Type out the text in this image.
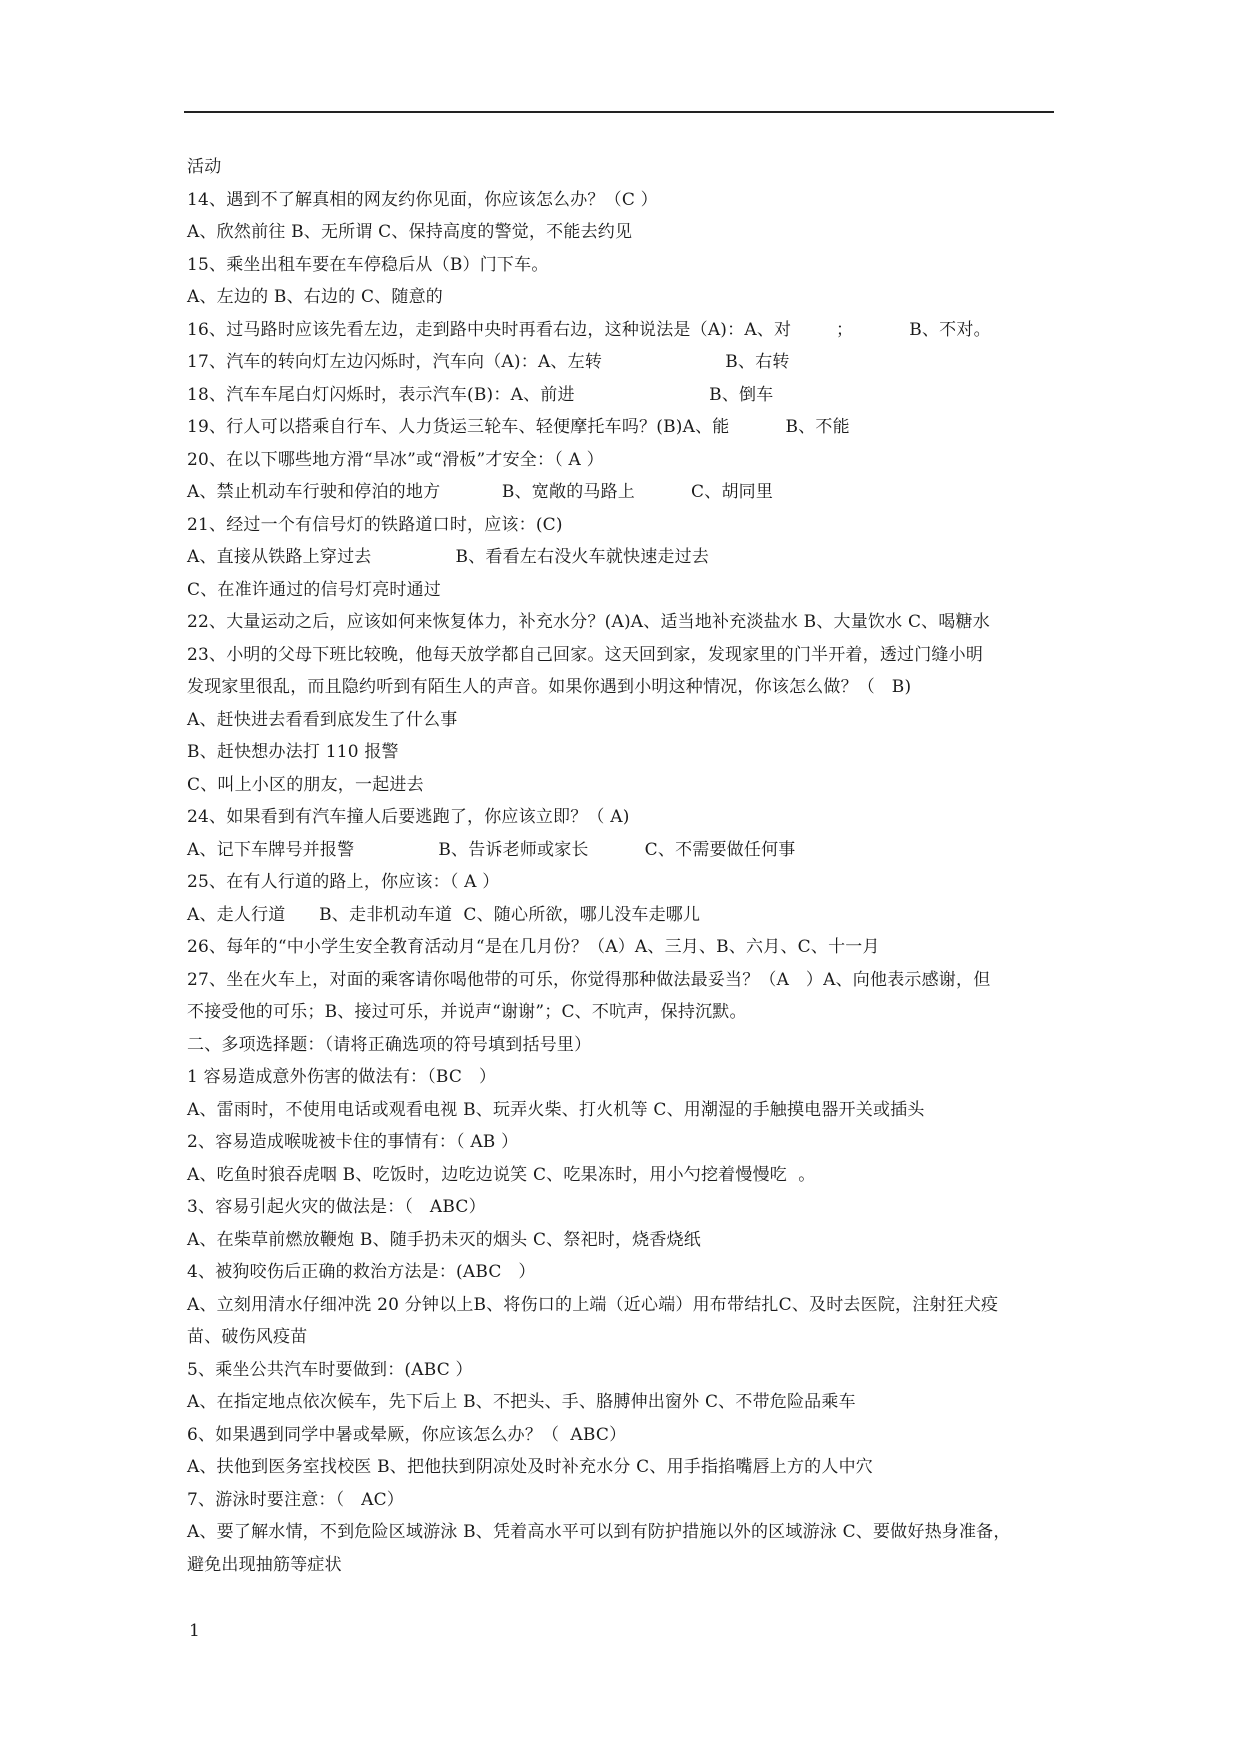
活动
14、遇到不了解真相的网友约你见面，你应该怎么办？（C ）
A、欣然前往 B、无所谓 C、保持高度的警觉，不能去约见
15、乘坐出租车要在车停稳后从（B）门下车。
A、左边的 B、右边的 C、随意的
16、过马路时应该先看左边，走到路中央时再看右边，这种说法是（A)：A、对        ；          B、不对。
17、汽车的转向灯左边闪烁时，汽车向（A)：A、左转                      B、右转
18、汽车车尾白灯闪烁时，表示汽车(B)：A、前进                        B、倒车
19、行人可以搭乘自行车、人力货运三轮车、轻便摩托车吗？(B)A、能          B、不能
20、在以下哪些地方滑“旱冰”或“滑板”才安全：（ A ）
A、禁止机动车行驶和停泊的地方           B、宽敞的马路上          C、胡同里
21、经过一个有信号灯的铁路道口时，应该：(C)
A、直接从铁路上穿过去               B、看看左右没火车就快速走过去
C、在准许通过的信号灯亮时通过
22、大量运动之后，应该如何来恢复体力，补充水分？(A)A、适当地补充淡盐水 B、大量饮水 C、喝糖水
23、小明的父母下班比较晚，他每天放学都自己回家。这天回到家，发现家里的门半开着，透过门缝小明
发现家里很乱，而且隐约听到有陌生人的声音。如果你遇到小明这种情况，你该怎么做？（   B)
A、赶快进去看看到底发生了什么事
B、赶快想办法打 110 报警
C、叫上小区的朋友，一起进去
24、如果看到有汽车撞人后要逃跑了，你应该立即？（ A)
A、记下车牌号并报警               B、告诉老师或家长          C、不需要做任何事
25、在有人行道的路上，你应该：（ A ）
A、走人行道      B、走非机动车道  C、随心所欲，哪儿没车走哪儿
26、每年的“中小学生安全教育活动月“是在几月份？（A）A、三月、B、六月、C、十一月
27、坐在火车上，对面的乘客请你喝他带的可乐，你觉得那种做法最妥当？（A   ）A、向他表示感谢，但
不接受他的可乐；B、接过可乐，并说声“谢谢”；C、不吭声，保持沉默。
二、多项选择题：（请将正确选项的符号填到括号里）
1 容易造成意外伤害的做法有：（BC   ）
A、雷雨时，不使用电话或观看电视 B、玩弄火柴、打火机等 C、用潮湿的手触摸电器开关或插头
2、容易造成喉咙被卡住的事情有：（ AB ）
A、吃鱼时狼吞虎咽 B、吃饭时，边吃边说笑 C、吃果冻时，用小勺挖着慢慢吃  。
3、容易引起火灾的做法是：（   ABC）
A、在柴草前燃放鞭炮 B、随手扔未灭的烟头 C、祭祀时，烧香烧纸
4、被狗咬伤后正确的救治方法是：(ABC   ）
A、立刻用清水仔细冲洗 20 分钟以上B、将伤口的上端（近心端）用布带结扎C、及时去医院，注射狂犬疫
苗、破伤风疫苗
5、乘坐公共汽车时要做到：(ABC ）
A、在指定地点依次候车，先下后上 B、不把头、手、胳膊伸出窗外 C、不带危险品乘车
6、如果遇到同学中暑或晕厥，你应该怎么办？（  ABC）
A、扶他到医务室找校医 B、把他扶到阴凉处及时补充水分 C、用手指掐嘴唇上方的人中穴
7、游泳时要注意：（   AC）
A、要了解水情，不到危险区域游泳 B、凭着高水平可以到有防护措施以外的区域游泳 C、要做好热身准备，
避免出现抽筋等症状
1
